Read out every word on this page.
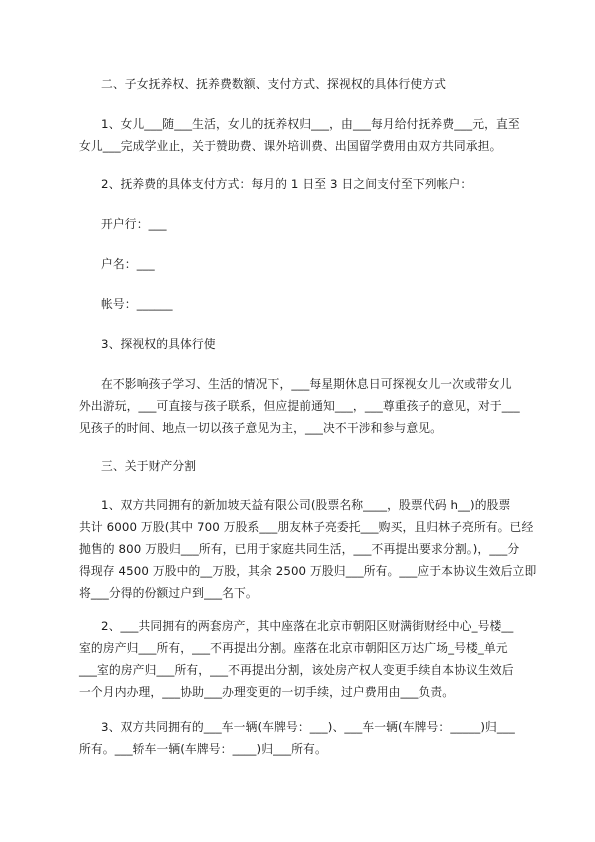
二、子女抚养权、抚养费数额、支付方式、探视权的具体行使方式

1、女儿___随___生活，女儿的抚养权归___，由___每月给付抚养费___元，直至
女儿___完成学业止，关于赞助费、课外培训费、出国留学费用由双方共同承担。

2、抚养费的具体支付方式：每月的 1 日至 3 日之间支付至下列帐户：

开户行：___

户名：___

帐号：______

3、探视权的具体行使

在不影响孩子学习、生活的情况下，___每星期休息日可探视女儿一次或带女儿
外出游玩，___可直接与孩子联系，但应提前通知___，___尊重孩子的意见，对于___
见孩子的时间、地点一切以孩子意见为主，___决不干涉和参与意见。

三、关于财产分割

1、双方共同拥有的新加坡天益有限公司(股票名称____，股票代码 h__)的股票
共计 6000 万股(其中 700 万股系___朋友林子亮委托___购买，且归林子亮所有。已经
抛售的 800 万股归___所有，已用于家庭共同生活，___不再提出要求分割。)，___分
得现存 4500 万股中的__万股，其余 2500 万股归___所有。___应于本协议生效后立即
将___分得的份额过户到___名下。

2、___共同拥有的两套房产，其中座落在北京市朝阳区财满街财经中心_号楼__
室的房产归___所有，___不再提出分割。座落在北京市朝阳区万达广场_号楼_单元
___室的房产归___所有，___不再提出分割，该处房产权人变更手续自本协议生效后
一个月内办理，___协助___办理变更的一切手续，过户费用由___负责。

3、双方共同拥有的___车一辆(车牌号：___)、___车一辆(车牌号：_____)归___
所有。___轿车一辆(车牌号：____)归___所有。
